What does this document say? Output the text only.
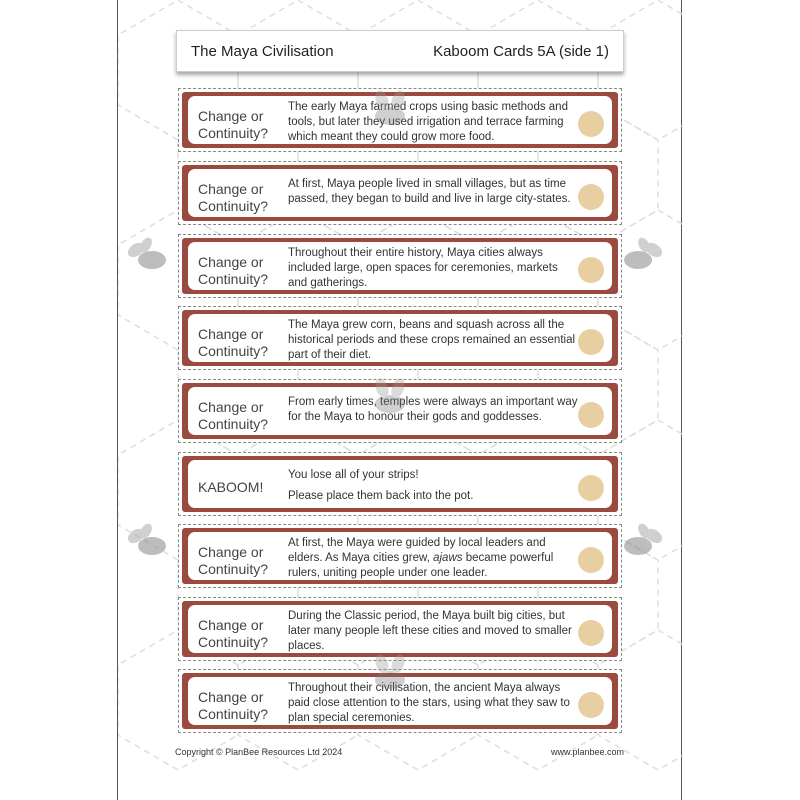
The Maya Civilisation	Kaboom Cards 5A (side 1)
Change or Continuity?

The early Maya farmed crops using basic methods and tools, but later they used irrigation and terrace farming which meant they could grow more food.

Change or Continuity?

At first, Maya people lived in small villages, but as time passed, they began to build and live in large city-states.

Change or Continuity?

Throughout their entire history, Maya cities always included large, open spaces for ceremonies, markets and gatherings.

Change or Continuity?

The Maya grew corn, beans and squash across all the historical periods and these crops remained an essential part of their diet.

Change or Continuity?

From early times, temples were always an important way for the Maya to honour their gods and goddesses.

KABOOM!

You lose all of your strips!

Please place them back into the pot.

Change or Continuity?

At first, the Maya were guided by local leaders and elders. As Maya cities grew, ajaws became powerful rulers, uniting people under one leader.

Change or Continuity?

During the Classic period, the Maya built big cities, but later many people left these cities and moved to smaller places.

Change or Continuity?

Throughout their civilisation, the ancient Maya always paid close attention to the stars, using what they saw to plan special ceremonies.

Copyright © PlanBee Resources Ltd 2024	www.planbee.com
